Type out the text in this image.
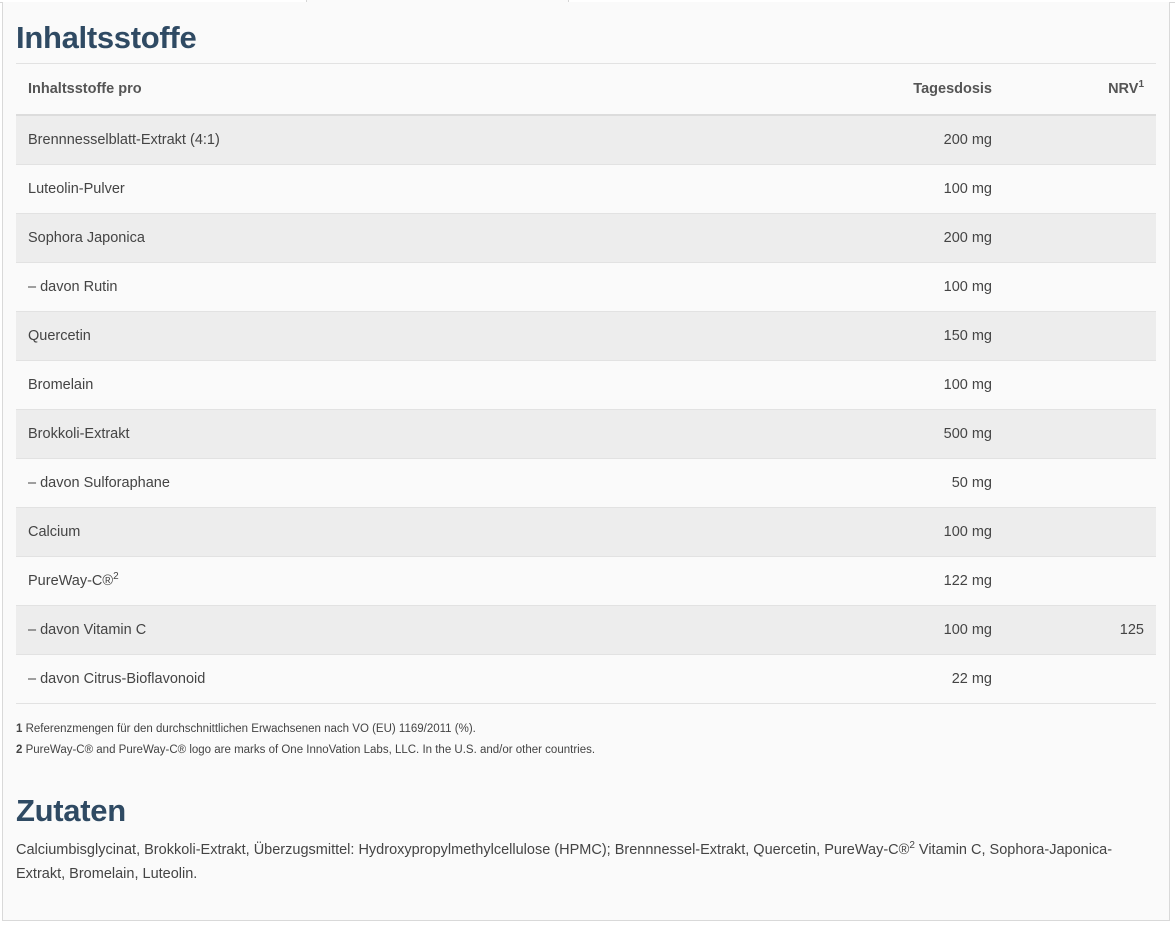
Inhaltsstoffe
Inhaltsstoffe pro	Tagesdosis	NRV$^1$
Brennnesselblatt-Extrakt (4:1)	200 mg	
Luteolin-Pulver	100 mg	
Sophora Japonica	200 mg	
– davon Rutin	100 mg	
Quercetin	150 mg	
Bromelain	100 mg	
Brokkoli-Extrakt	500 mg	
– davon Sulforaphane	50 mg	
Calcium	100 mg	
PureWay-C®$^2$	122 mg	
– davon Vitamin C	100 mg	125
– davon Citrus-Bioflavonoid	22 mg	
1 Referenzmengen für den durchschnittlichen Erwachsenen nach VO (EU) 1169/2011 (%).
2 PureWay-C® and PureWay-C® logo are marks of One InnoVation Labs, LLC. In the U.S. and/or other countries.
Zutaten

Calciumbisglycinat, Brokkoli-Extrakt, Überzugsmittel: Hydroxypropylmethylcellulose (HPMC); Brennnessel-Extrakt, Quercetin, PureWay-C®$^2$ Vitamin C, Sophora-Japonica-Extrakt, Bromelain, Luteolin.
